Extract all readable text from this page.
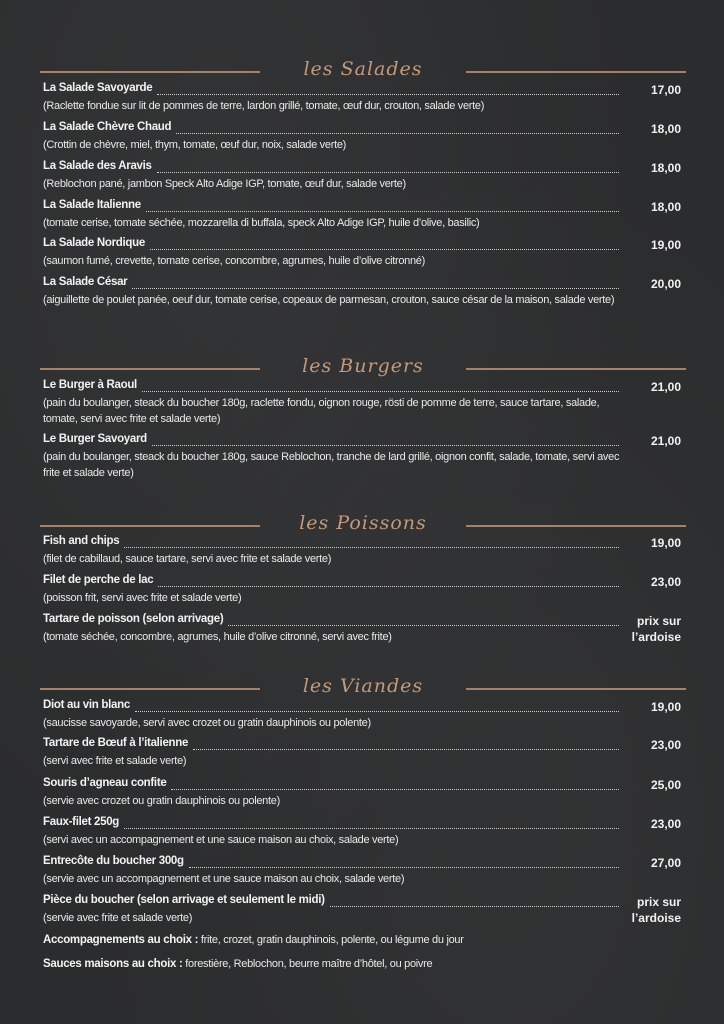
les Salades
La Salade Savoyarde	17,00
(Raclette fondue sur lit de pommes de terre, lardon grillé, tomate, œuf dur, crouton, salade verte)
La Salade Chèvre Chaud	18,00
(Crottin de chèvre, miel, thym, tomate, œuf dur, noix, salade verte)
La Salade des Aravis	18,00
(Reblochon pané, jambon Speck Alto Adige IGP, tomate, œuf dur, salade verte)
La Salade Italienne	18,00
(tomate cerise, tomate séchée, mozzarella di buffala, speck Alto Adige IGP, huile d’olive, basilic)
La Salade Nordique	19,00
(saumon fumé, crevette, tomate cerise, concombre, agrumes, huile d’olive citronné)
La Salade César	20,00
(aiguillette de poulet panée, oeuf dur, tomate cerise, copeaux de parmesan, crouton, sauce césar de la maison, salade verte)
les Burgers
Le Burger à Raoul	21,00
(pain du boulanger, steack du boucher 180g, raclette fondu, oignon rouge, rösti de pomme de terre, sauce tartare, salade, tomate, servi avec frite et salade verte)
Le Burger Savoyard	21,00
(pain du boulanger, steack du boucher 180g, sauce Reblochon, tranche de lard grillé, oignon confit, salade, tomate, servi avec frite et salade verte)
les Poissons
Fish and chips	19,00
(filet de cabillaud, sauce tartare, servi avec frite et salade verte)
Filet de perche de lac	23,00
(poisson frit, servi avec frite et salade verte)
Tartare de poisson (selon arrivage)	prix sur
l’ardoise
(tomate séchée, concombre, agrumes, huile d’olive citronné, servi avec frite)
les Viandes
Diot au vin blanc	19,00
(saucisse savoyarde, servi avec crozet ou gratin dauphinois ou polente)
Tartare de Bœuf à l’italienne	23,00
(servi avec frite et salade verte)
Souris d’agneau confite	25,00
(servie avec crozet ou gratin dauphinois ou polente)
Faux-filet 250g	23,00
(servi avec un accompagnement et une sauce maison au choix, salade verte)
Entrecôte du boucher 300g	27,00
(servie avec un accompagnement et une sauce maison au choix, salade verte)
Pièce du boucher (selon arrivage et seulement le midi)	prix sur
l’ardoise
(servie avec frite et salade verte)
Accompagnements au choix : frite, crozet, gratin dauphinois, polente, ou légume du jour
Sauces maisons au choix : forestière, Reblochon, beurre maître d’hôtel, ou poivre
